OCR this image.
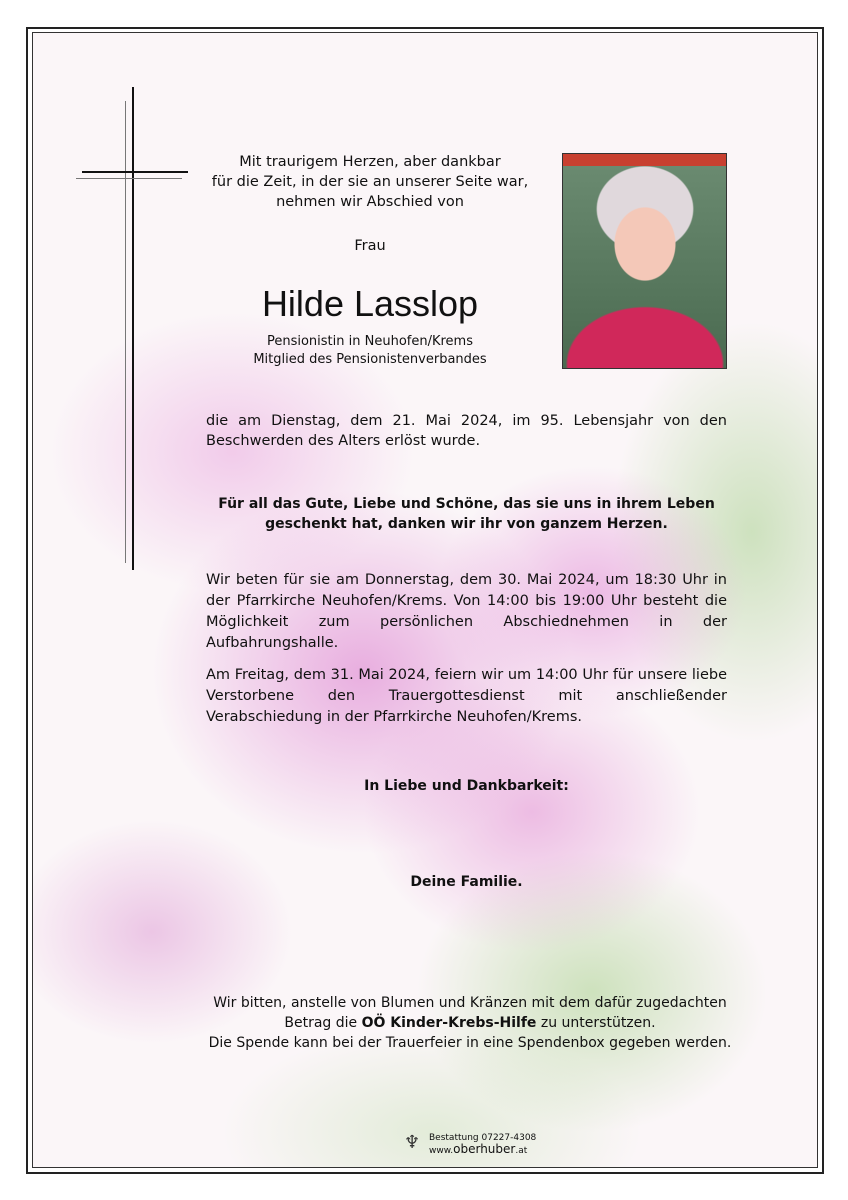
Mit traurigem Herzen, aber dankbar
für die Zeit, in der sie an unserer Seite war,
nehmen wir Abschied von
Frau
Hilde Lasslop
Pensionistin in Neuhofen/Krems
Mitglied des Pensionistenverbandes
die am Dienstag, dem 21. Mai 2024, im 95. Lebensjahr von den Beschwerden des Alters erlöst wurde.
Für all das Gute, Liebe und Schöne, das sie uns in ihrem Leben
geschenkt hat, danken wir ihr von ganzem Herzen.
Wir beten für sie am Donnerstag, dem 30. Mai 2024, um 18:30 Uhr in der Pfarrkirche Neuhofen/Krems. Von 14:00 bis 19:00 Uhr besteht die Möglichkeit zum persönlichen Abschiednehmen in der Aufbahrungshalle.
Am Freitag, dem 31. Mai 2024, feiern wir um 14:00 Uhr für unsere liebe Verstorbene den Trauergottesdienst mit anschließender Verabschiedung in der Pfarrkirche Neuhofen/Krems.
In Liebe und Dankbarkeit:
Deine Familie.
Wir bitten, anstelle von Blumen und Kränzen mit dem dafür zugedachten
Betrag die OÖ Kinder-Krebs-Hilfe zu unterstützen.
Die Spende kann bei der Trauerfeier in eine Spendenbox gegeben werden.
♆ Bestattung 07227-4308
www.oberhuber.at
